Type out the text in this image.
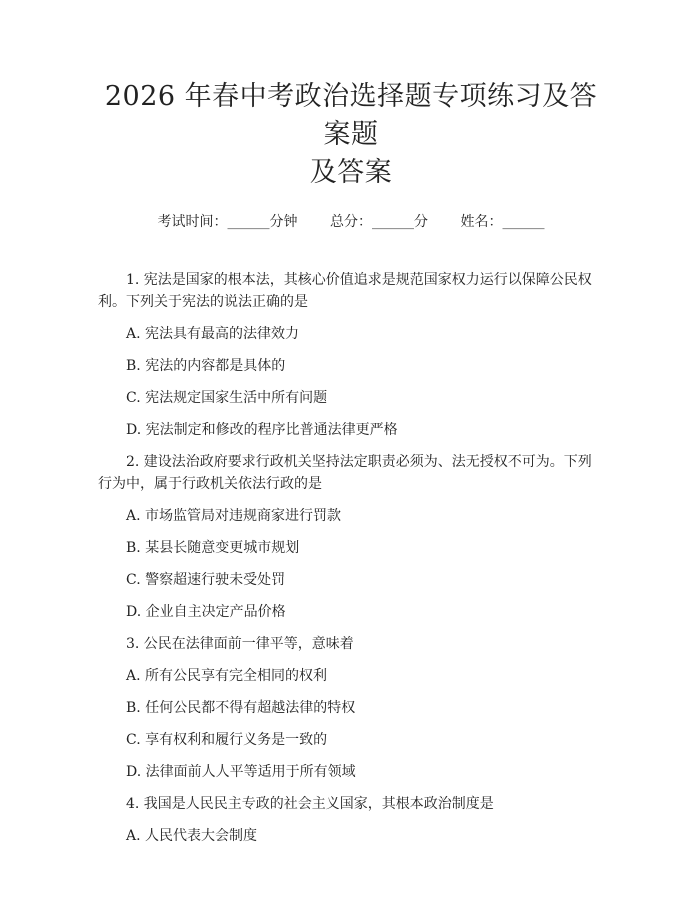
2026 年春中考政治选择题专项练习及答案题
及答案
考试时间：______分钟 总分：______分 姓名：______

1. 宪法是国家的根本法，其核心价值追求是规范国家权力运行以保障公民权利。下列关于宪法的说法正确的是

A. 宪法具有最高的法律效力

B. 宪法的内容都是具体的

C. 宪法规定国家生活中所有问题

D. 宪法制定和修改的程序比普通法律更严格

2. 建设法治政府要求行政机关坚持法定职责必须为、法无授权不可为。下列行为中，属于行政机关依法行政的是

A. 市场监管局对违规商家进行罚款

B. 某县长随意变更城市规划

C. 警察超速行驶未受处罚

D. 企业自主决定产品价格

3. 公民在法律面前一律平等，意味着

A. 所有公民享有完全相同的权利

B. 任何公民都不得有超越法律的特权

C. 享有权利和履行义务是一致的

D. 法律面前人人平等适用于所有领域

4. 我国是人民民主专政的社会主义国家，其根本政治制度是

A. 人民代表大会制度
